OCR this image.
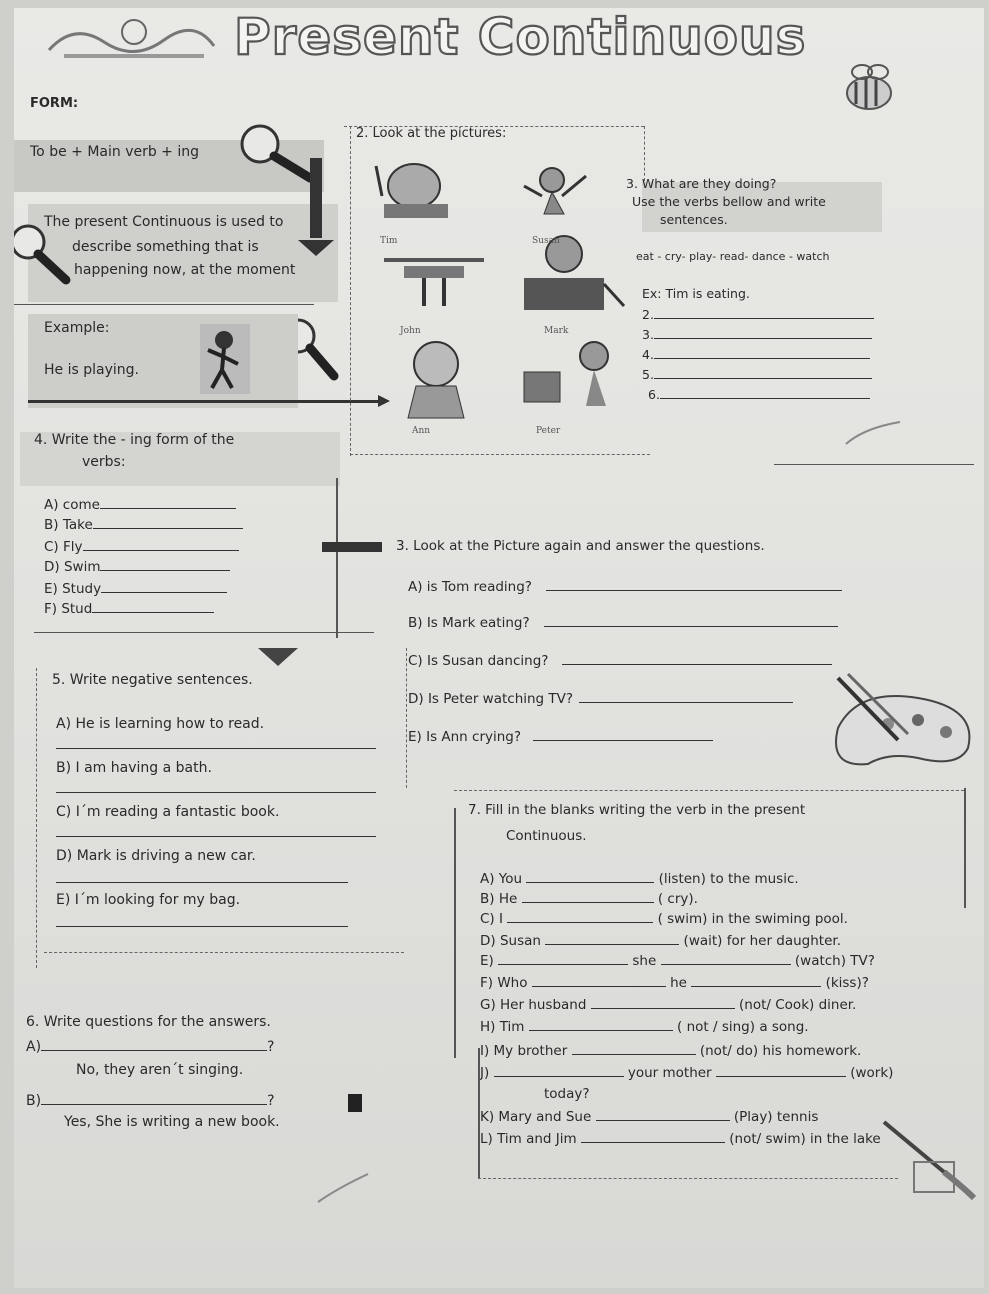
Present Continuous
FORM:
To be + Main verb + ing
The present Continuous is used to
describe something that is
happening now, at the moment
Example:
He is playing.
2. Look at the pictures:
Tim	Susan
John	Mark
Ann	Peter
3. What are they doing?
Use the verbs bellow and write
sentences.
eat - cry- play- read- dance - watch
Ex: Tim is eating.
2.
3.
4.
5.
6.
4. Write the - ing form of the
verbs:
A) come
B) Take
C) Fly
D) Swim
E) Study
F) Stud
3. Look at the Picture again and answer the questions.
A) is Tom reading?
B) Is Mark eating?
C) Is Susan dancing?
D) Is Peter watching TV?
E) Is Ann crying?
5. Write negative sentences.
A) He is learning how to read.
B) I am having a bath.
C) I´m reading a fantastic book.
D) Mark is driving a new car.
E) I´m looking for my bag.
6. Write questions for the answers.
A)	?
No, they aren´t singing.
B)	?
Yes, She is writing a new book.
7. Fill in the blanks writing the verb in the present
Continuous.
A) You	(listen) to the music.
B) He	( cry).
C) I	( swim) in the swiming pool.
D) Susan	(wait) for her daughter.
E)	she	(watch) TV?
F) Who	he	(kiss)?
G) Her husband	(not/ Cook) diner.
H) Tim	( not / sing) a song.
I) My brother	(not/ do) his homework.
J)	your mother	(work)
today?
K) Mary and Sue	(Play) tennis
L) Tim and Jim	(not/ swim) in the lake
